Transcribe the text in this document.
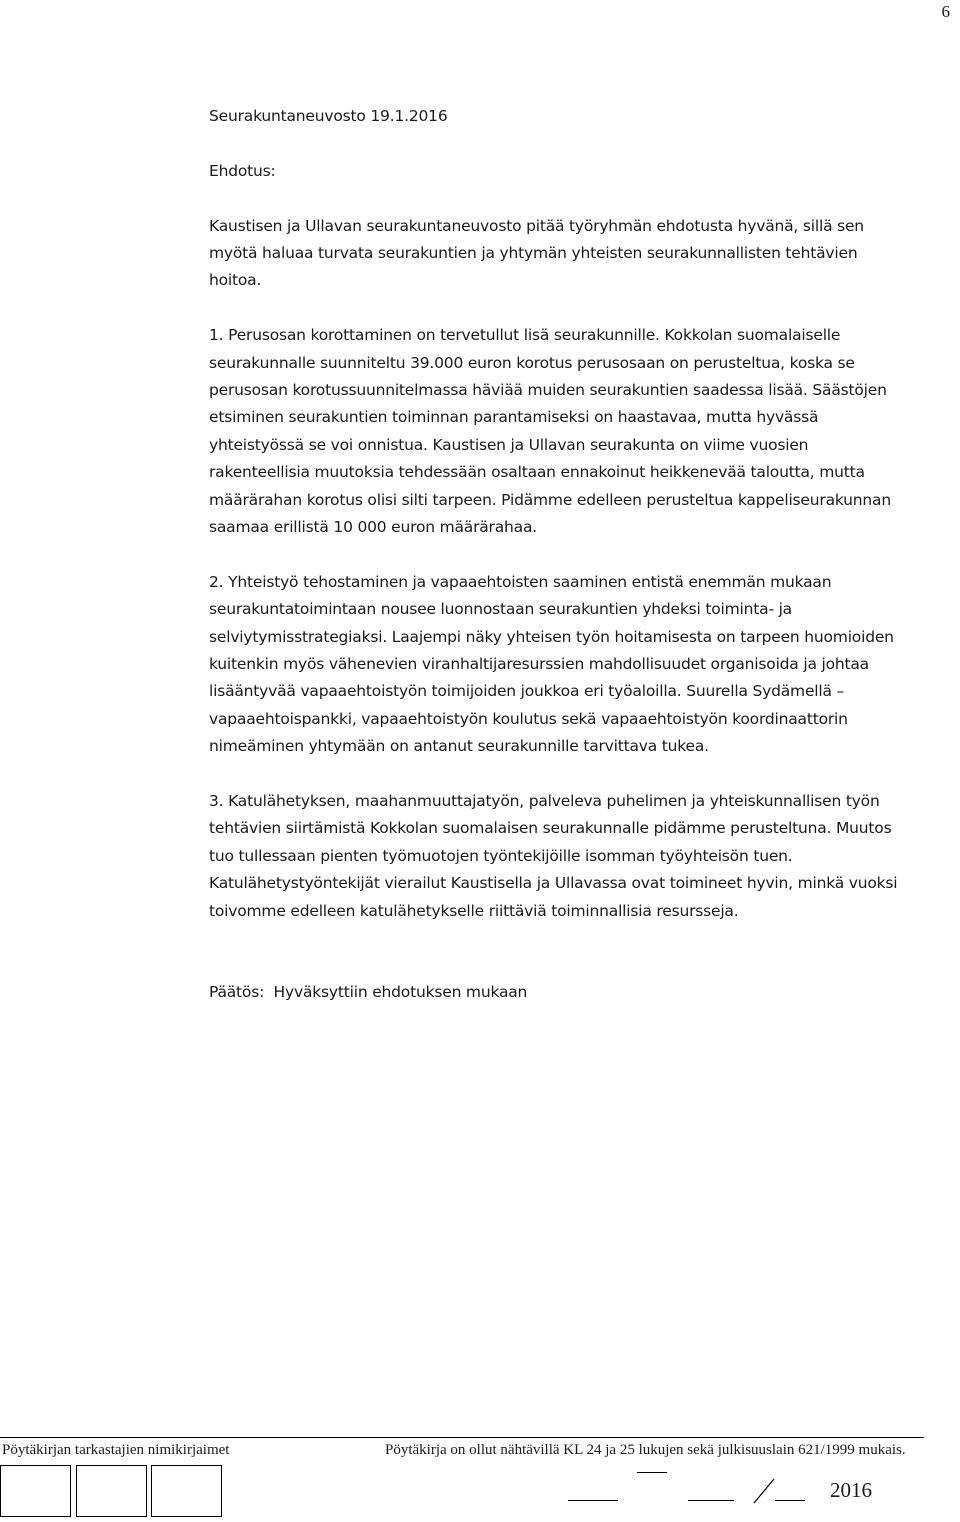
6

Seurakuntaneuvosto 19.1.2016

Ehdotus:

Kaustisen ja Ullavan seurakuntaneuvosto pitää työryhmän ehdotusta hyvänä, sillä sen myötä haluaa turvata seurakuntien ja yhtymän yhteisten seurakunnallisten tehtävien hoitoa.

1. Perusosan korottaminen on tervetullut lisä seurakunnille. Kokkolan suomalaiselle seurakunnalle suunniteltu 39.000 euron korotus perusosaan on perusteltua, koska se perusosan korotussuunnitelmassa häviää muiden seurakuntien saadessa lisää. Säästöjen etsiminen seurakuntien toiminnan parantamiseksi on haastavaa, mutta hyvässä yhteistyössä se voi onnistua. Kaustisen ja Ullavan seurakunta on viime vuosien rakenteellisia muutoksia tehdessään osaltaan ennakoinut heikkenevää taloutta, mutta määrärahan korotus olisi silti tarpeen. Pidämme edelleen perusteltua kappeliseurakunnan saamaa erillistä 10 000 euron määrärahaa.

2. Yhteistyö tehostaminen ja vapaaehtoisten saaminen entistä enemmän mukaan seurakuntatoimintaan nousee luonnostaan seurakuntien yhdeksi toiminta- ja selviytymisstrategiaksi. Laajempi näky yhteisen työn hoitamisesta on tarpeen huomioiden kuitenkin myös vähenevien viranhaltijaresurssien mahdollisuudet organisoida ja johtaa lisääntyvää vapaaehtoistyön toimijoiden joukkoa eri työaloilla. Suurella Sydämellä –vapaaehtoispankki, vapaaehtoistyön koulutus sekä vapaaehtoistyön koordinaattorin nimeäminen yhtymään on antanut seurakunnille tarvittava tukea.

3. Katulähetyksen, maahanmuuttajatyön, palveleva puhelimen ja yhteiskunnallisen työn tehtävien siirtämistä Kokkolan suomalaisen seurakunnalle pidämme perusteltuna. Muutos tuo tullessaan pienten työmuotojen työntekijöille isomman työyhteisön tuen. Katulähetystyöntekijät vierailut Kaustisella ja Ullavassa ovat toimineet hyvin, minkä vuoksi toivomme edelleen katulähetykselle riittäviä toiminnallisia resursseja.

Päätös:  Hyväksyttiin ehdotuksen mukaan

Pöytäkirjan tarkastajien nimikirjaimet	Pöytäkirja on ollut nähtävillä KL 24 ja 25 lukujen sekä julkisuuslain 621/1999 mukais.
2016
